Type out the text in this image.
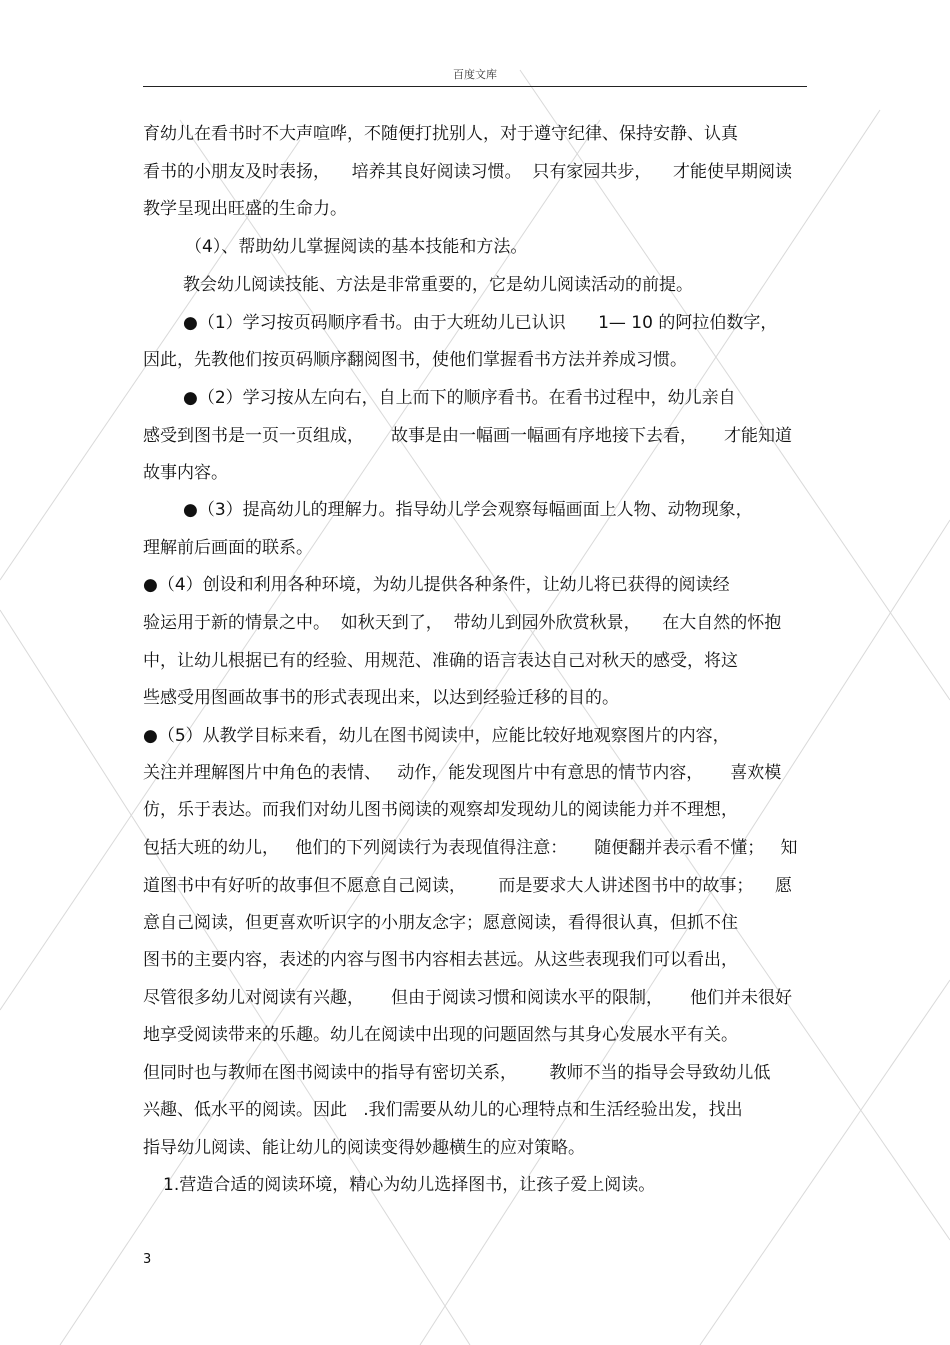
百度文库
育幼儿在看书时不大声喧哗，不随便打扰别人，对于遵守纪律、保持安静、认真
看书的小朋友及时表扬，    培养其良好阅读习惯。  只有家园共步，    才能使早期阅读
教学呈现出旺盛的生命力。
（4）、帮助幼儿掌握阅读的基本技能和方法。
教会幼儿阅读技能、方法是非常重要的，它是幼儿阅读活动的前提。
●（1）学习按页码顺序看书。由于大班幼儿已认识      1— 10 的阿拉伯数字，
因此，先教他们按页码顺序翻阅图书，使他们掌握看书方法并养成习惯。
●（2）学习按从左向右，自上而下的顺序看书。在看书过程中，幼儿亲自
感受到图书是一页一页组成，     故事是由一幅画一幅画有序地接下去看，     才能知道
故事内容。
●（3）提高幼儿的理解力。指导幼儿学会观察每幅画面上人物、动物现象，
理解前后画面的联系。
●（4）创设和利用各种环境，为幼儿提供各种条件，让幼儿将已获得的阅读经
验运用于新的情景之中。  如秋天到了，  带幼儿到园外欣赏秋景，    在大自然的怀抱
中，让幼儿根据已有的经验、用规范、准确的语言表达自己对秋天的感受，将这
些感受用图画故事书的形式表现出来，以达到经验迁移的目的。
●（5）从教学目标来看，幼儿在图书阅读中，应能比较好地观察图片的内容，
关注并理解图片中角色的表情、   动作，能发现图片中有意思的情节内容，     喜欢模
仿，乐于表达。而我们对幼儿图书阅读的观察却发现幼儿的阅读能力并不理想，
包括大班的幼儿，   他们的下列阅读行为表现值得注意：     随便翻并表示看不懂；   知
道图书中有好听的故事但不愿意自己阅读，      而是要求大人讲述图书中的故事；    愿
意自己阅读，但更喜欢听识字的小朋友念字；愿意阅读，看得很认真，但抓不住
图书的主要内容，表述的内容与图书内容相去甚远。从这些表现我们可以看出，
尽管很多幼儿对阅读有兴趣，     但由于阅读习惯和阅读水平的限制，     他们并未很好
地享受阅读带来的乐趣。幼儿在阅读中出现的问题固然与其身心发展水平有关。
但同时也与教师在图书阅读中的指导有密切关系，      教师不当的指导会导致幼儿低
兴趣、低水平的阅读。因此   .我们需要从幼儿的心理特点和生活经验出发，找出
指导幼儿阅读、能让幼儿的阅读变得妙趣横生的应对策略。
1.营造合适的阅读环境，精心为幼儿选择图书，让孩子爱上阅读。
3
